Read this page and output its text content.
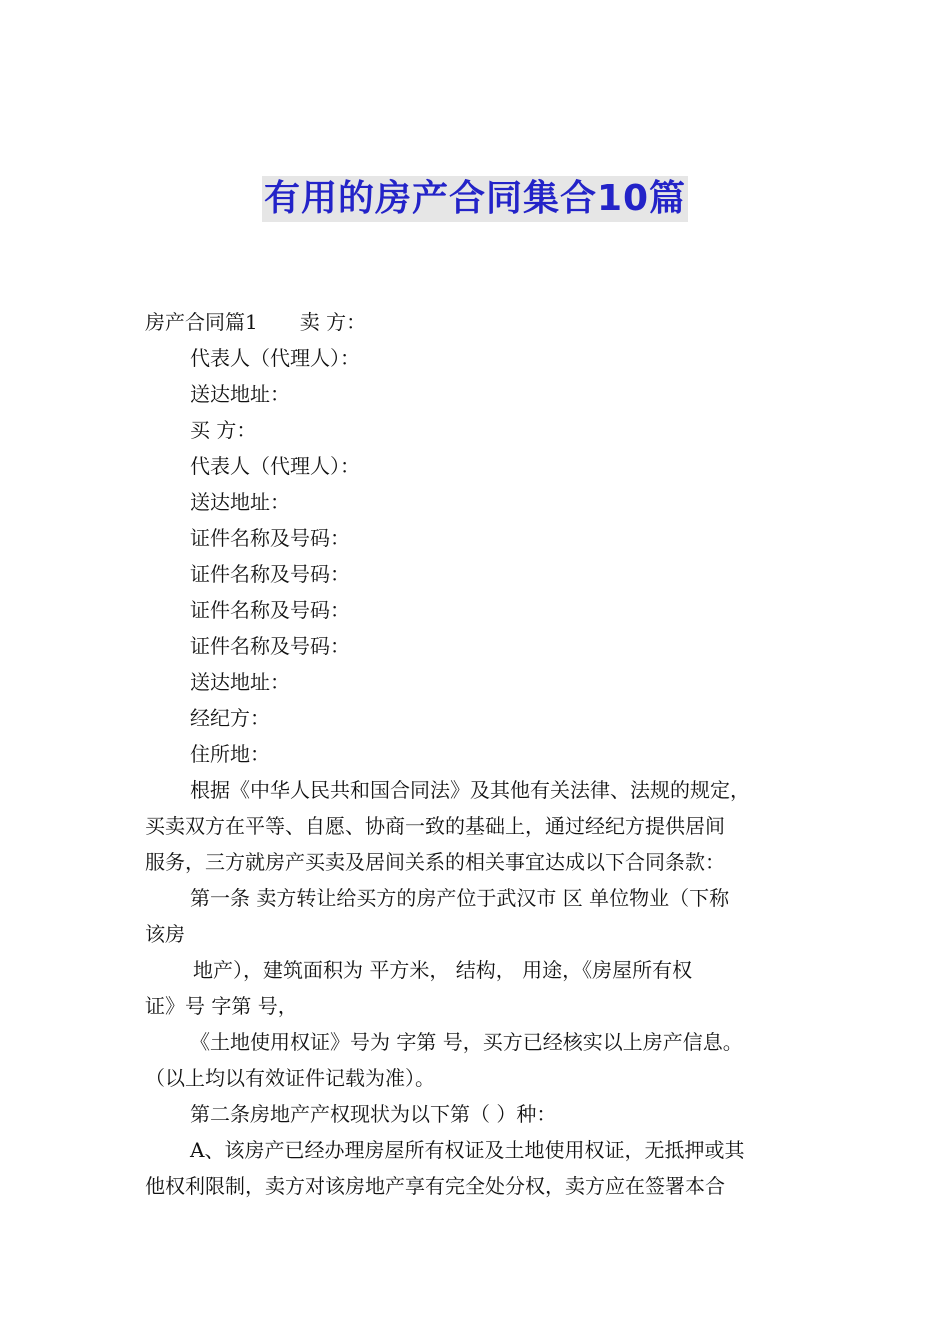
有用的房产合同集合10篇
房产合同篇1 卖 方：
代表人（代理人）：
送达地址：
买 方：
代表人（代理人）：
送达地址：
证件名称及号码：
证件名称及号码：
证件名称及号码：
证件名称及号码：
送达地址：
经纪方：
住所地：
根据《中华人民共和国合同法》及其他有关法律、法规的规定，
买卖双方在平等、自愿、协商一致的基础上，通过经纪方提供居间
服务，三方就房产买卖及居间关系的相关事宜达成以下合同条款：
第一条 卖方转让给买方的房产位于武汉市 区 单位物业（下称
该房
地产），建筑面积为 平方米， 结构， 用途，《房屋所有权
证》号 字第 号，
《土地使用权证》号为 字第 号，买方已经核实以上房产信息。
（以上均以有效证件记载为准）。
第二条房地产产权现状为以下第（ ）种：
A、该房产已经办理房屋所有权证及土地使用权证，无抵押或其
他权利限制，卖方对该房地产享有完全处分权，卖方应在签署本合
